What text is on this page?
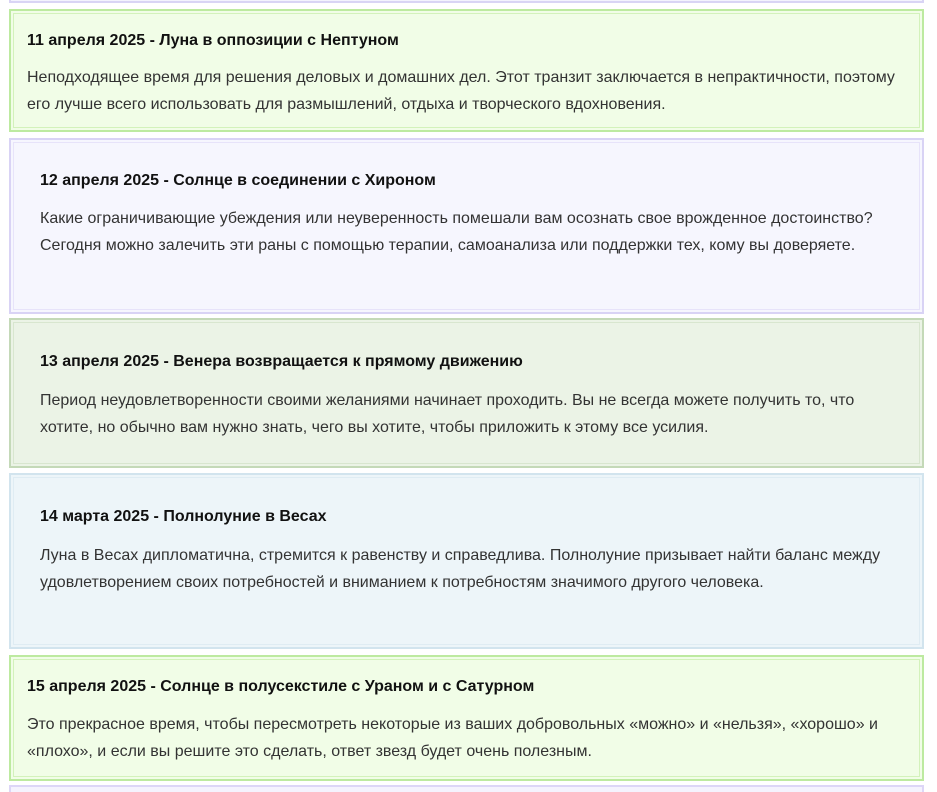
11 апреля 2025 - Луна в оппозиции с Нептуном

Неподходящее время для решения деловых и домашних дел. Этот транзит заключается в непрактичности, поэтому его лучше всего использовать для размышлений, отдыха и творческого вдохновения.

12 апреля 2025 - Солнце в соединении с Хироном

Какие ограничивающие убеждения или неуверенность помешали вам осознать свое врожденное достоинство? Сегодня можно залечить эти раны с помощью терапии, самоанализа или поддержки тех, кому вы доверяете.

13 апреля 2025 - Венера возвращается к прямому движению

Период неудовлетворенности своими желаниями начинает проходить. Вы не всегда можете получить то, что хотите, но обычно вам нужно знать, чего вы хотите, чтобы приложить к этому все усилия.

14 марта 2025 - Полнолуние в Весах

Луна в Весах дипломатична, стремится к равенству и справедлива. Полнолуние призывает найти баланс между удовлетворением своих потребностей и вниманием к потребностям значимого другого человека.

15 апреля 2025 - Солнце в полусекстиле с Ураном и с Сатурном

Это прекрасное время, чтобы пересмотреть некоторые из ваших добровольных «можно» и «нельзя», «хорошо» и «плохо», и если вы решите это сделать, ответ звезд будет очень полезным.
